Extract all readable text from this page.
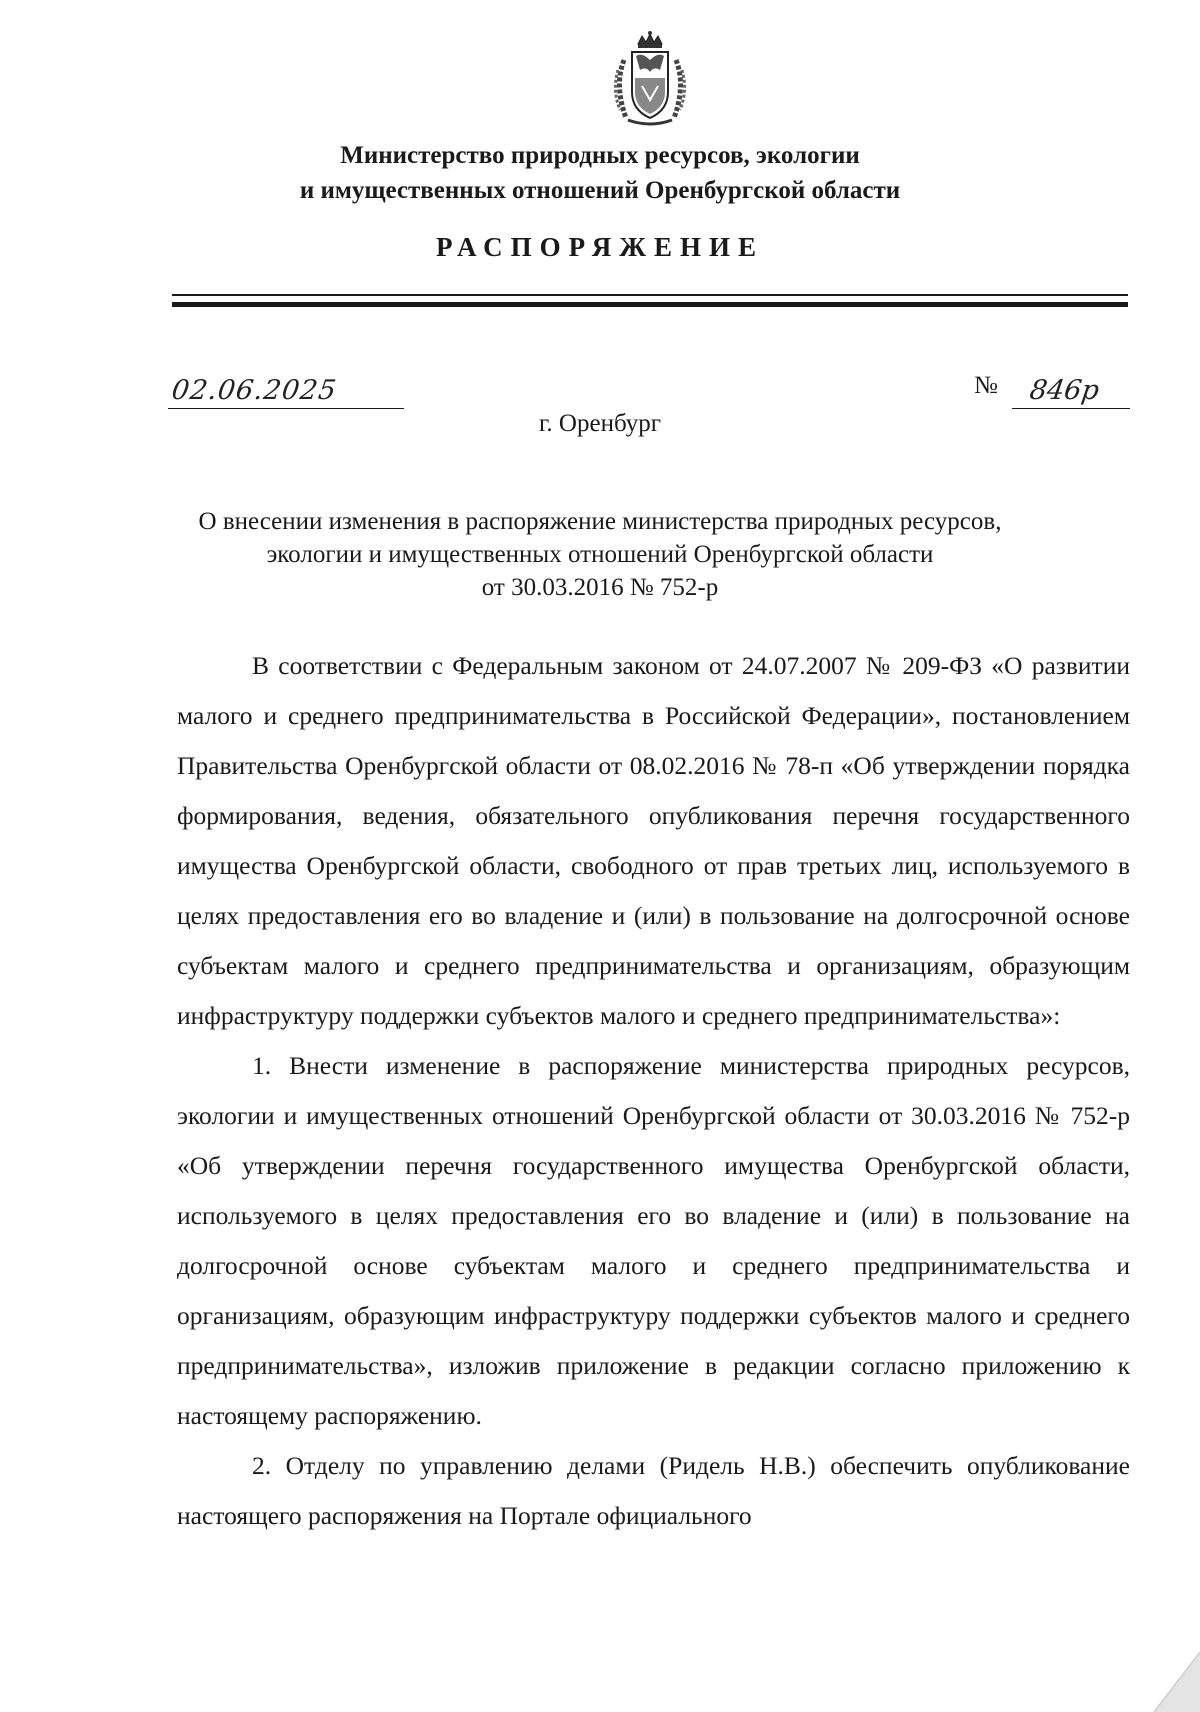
Министерство природных ресурсов, экологии
и имущественных отношений Оренбургской области
РАСПОРЯЖЕНИЕ
02.06.2025	№ 846р
г. Оренбург
О внесении изменения в распоряжение министерства природных ресурсов,
экологии и имущественных отношений Оренбургской области
от 30.03.2016 № 752-р

В соответствии с Федеральным законом от 24.07.2007 № 209-ФЗ «О развитии малого и среднего предпринимательства в Российской Федерации», постановлением Правительства Оренбургской области от 08.02.2016 № 78-п «Об утверждении порядка формирования, ведения, обязательного опубликования перечня государственного имущества Оренбургской области, свободного от прав третьих лиц, используемого в целях предоставления его во владение и (или) в пользование на долгосрочной основе субъектам малого и среднего предпринимательства и организациям, образующим инфраструктуру поддержки субъектов малого и среднего предпринимательства»:

1. Внести изменение в распоряжение министерства природных ресурсов, экологии и имущественных отношений Оренбургской области от 30.03.2016 № 752-р «Об утверждении перечня государственного имущества Оренбургской области, используемого в целях предоставления его во владение и (или) в пользование на долгосрочной основе субъектам малого и среднего предпринимательства и организациям, образующим инфраструктуру поддержки субъектов малого и среднего предпринимательства», изложив приложение в редакции согласно приложению к настоящему распоряжению.

2. Отделу по управлению делами (Ридель Н.В.) обеспечить опубликование настоящего распоряжения на Портале официального
